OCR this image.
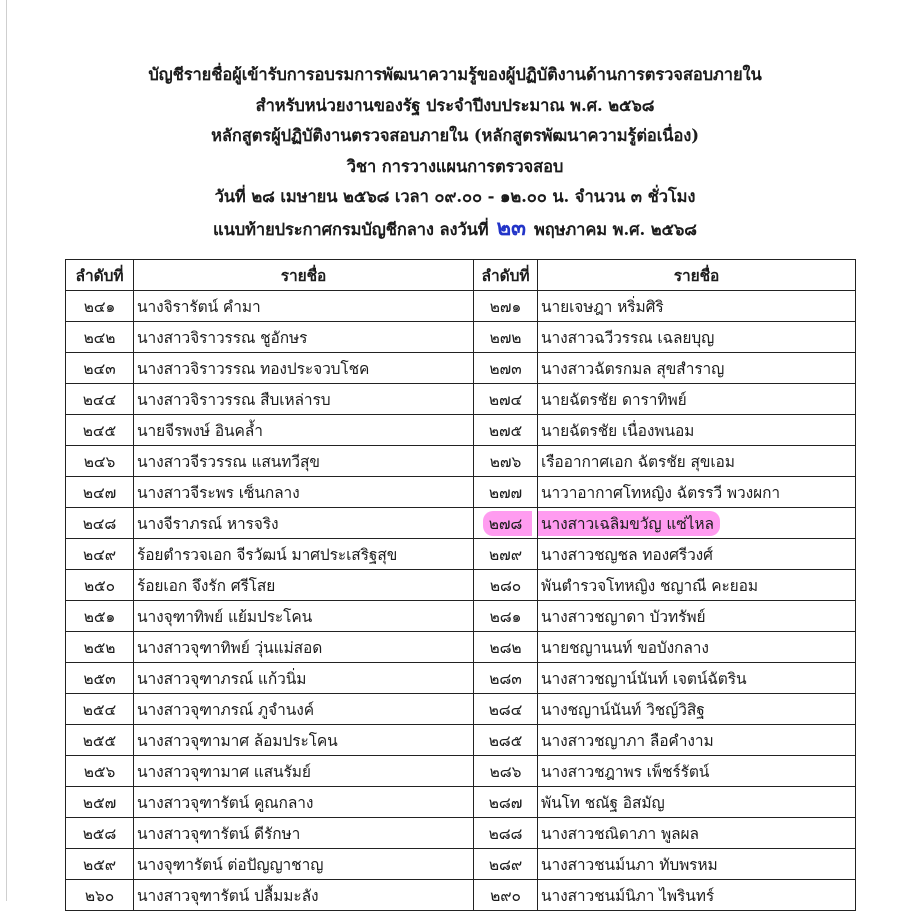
บัญชีรายชื่อผู้เข้ารับการอบรมการพัฒนาความรู้ของผู้ปฏิบัติงานด้านการตรวจสอบภายใน
สำหรับหน่วยงานของรัฐ ประจำปีงบประมาณ พ.ศ. ๒๕๖๘
หลักสูตรผู้ปฏิบัติงานตรวจสอบภายใน (หลักสูตรพัฒนาความรู้ต่อเนื่อง)
วิชา การวางแผนการตรวจสอบ
วันที่ ๒๘ เมษายน ๒๕๖๘ เวลา ๐๙.๐๐ - ๑๒.๐๐ น. จำนวน ๓ ชั่วโมง
แนบท้ายประกาศกรมบัญชีกลาง ลงวันที่ ๒๓ พฤษภาคม พ.ศ. ๒๕๖๘
ลำดับที่	รายชื่อ	ลำดับที่	รายชื่อ
๒๔๑	นางจิรารัตน์ คำมา	๒๗๑	นายเจษฎา หริ่มศิริ
๒๔๒	นางสาวจิราวรรณ ชูอักษร	๒๗๒	นางสาวฉวีวรรณ เฉลยบุญ
๒๔๓	นางสาวจิราวรรณ ทองประจวบโชค	๒๗๓	นางสาวฉัตรกมล สุขสำราญ
๒๔๔	นางสาวจิราวรรณ สืบเหล่ารบ	๒๗๔	นายฉัตรชัย ดาราทิพย์
๒๔๕	นายจีรพงษ์ อินคล้ำ	๒๗๕	นายฉัตรชัย เนื่องพนอม
๒๔๖	นางสาวจีรวรรณ แสนทวีสุข	๒๗๖	เรืออากาศเอก ฉัตรชัย สุขเอม
๒๔๗	นางสาวจีระพร เซ็นกลาง	๒๗๗	นาวาอากาศโทหญิง ฉัตรรวี พวงผกา
๒๔๘	นางจีราภรณ์ หารจริง	๒๗๘	นางสาวเฉลิมขวัญ แซ่ไหล
๒๔๙	ร้อยตำรวจเอก จีรวัฒน์ มาศประเสริฐสุข	๒๗๙	นางสาวชญชล ทองศรีวงศ์
๒๕๐	ร้อยเอก จึงรัก ศรีโสย	๒๘๐	พันตำรวจโทหญิง ชญาณี คะยอม
๒๕๑	นางจุฑาทิพย์ แย้มประโคน	๒๘๑	นางสาวชญาดา บัวทรัพย์
๒๕๒	นางสาวจุฑาทิพย์ วุ่นแม่สอด	๒๘๒	นายชญานนท์ ขอบังกลาง
๒๕๓	นางสาวจุฑาภรณ์ แก้วนิ่ม	๒๘๓	นางสาวชญาน์นันท์ เจตน์ฉัตริน
๒๕๔	นางสาวจุฑาภรณ์ ภูจำนงค์	๒๘๔	นางชญาน์นันท์ วิชญ์วิสิฐ
๒๕๕	นางสาวจุฑามาศ ล้อมประโคน	๒๘๕	นางสาวชญาภา ลือคำงาม
๒๕๖	นางสาวจุฑามาศ แสนรัมย์	๒๘๖	นางสาวชฎาพร เพ็ชร์รัตน์
๒๕๗	นางสาวจุฑารัตน์ คูณกลาง	๒๘๗	พันโท ชณัฐ อิสมัญ
๒๕๘	นางสาวจุฑารัตน์ ดีรักษา	๒๘๘	นางสาวชณิดาภา พูลผล
๒๕๙	นางจุฑารัตน์ ต่อปัญญาชาญ	๒๘๙	นางสาวชนม์นภา ทับพรหม
๒๖๐	นางสาวจุฑารัตน์ ปลื้มมะลัง	๒๙๐	นางสาวชนม์นิภา ไพรินทร์
